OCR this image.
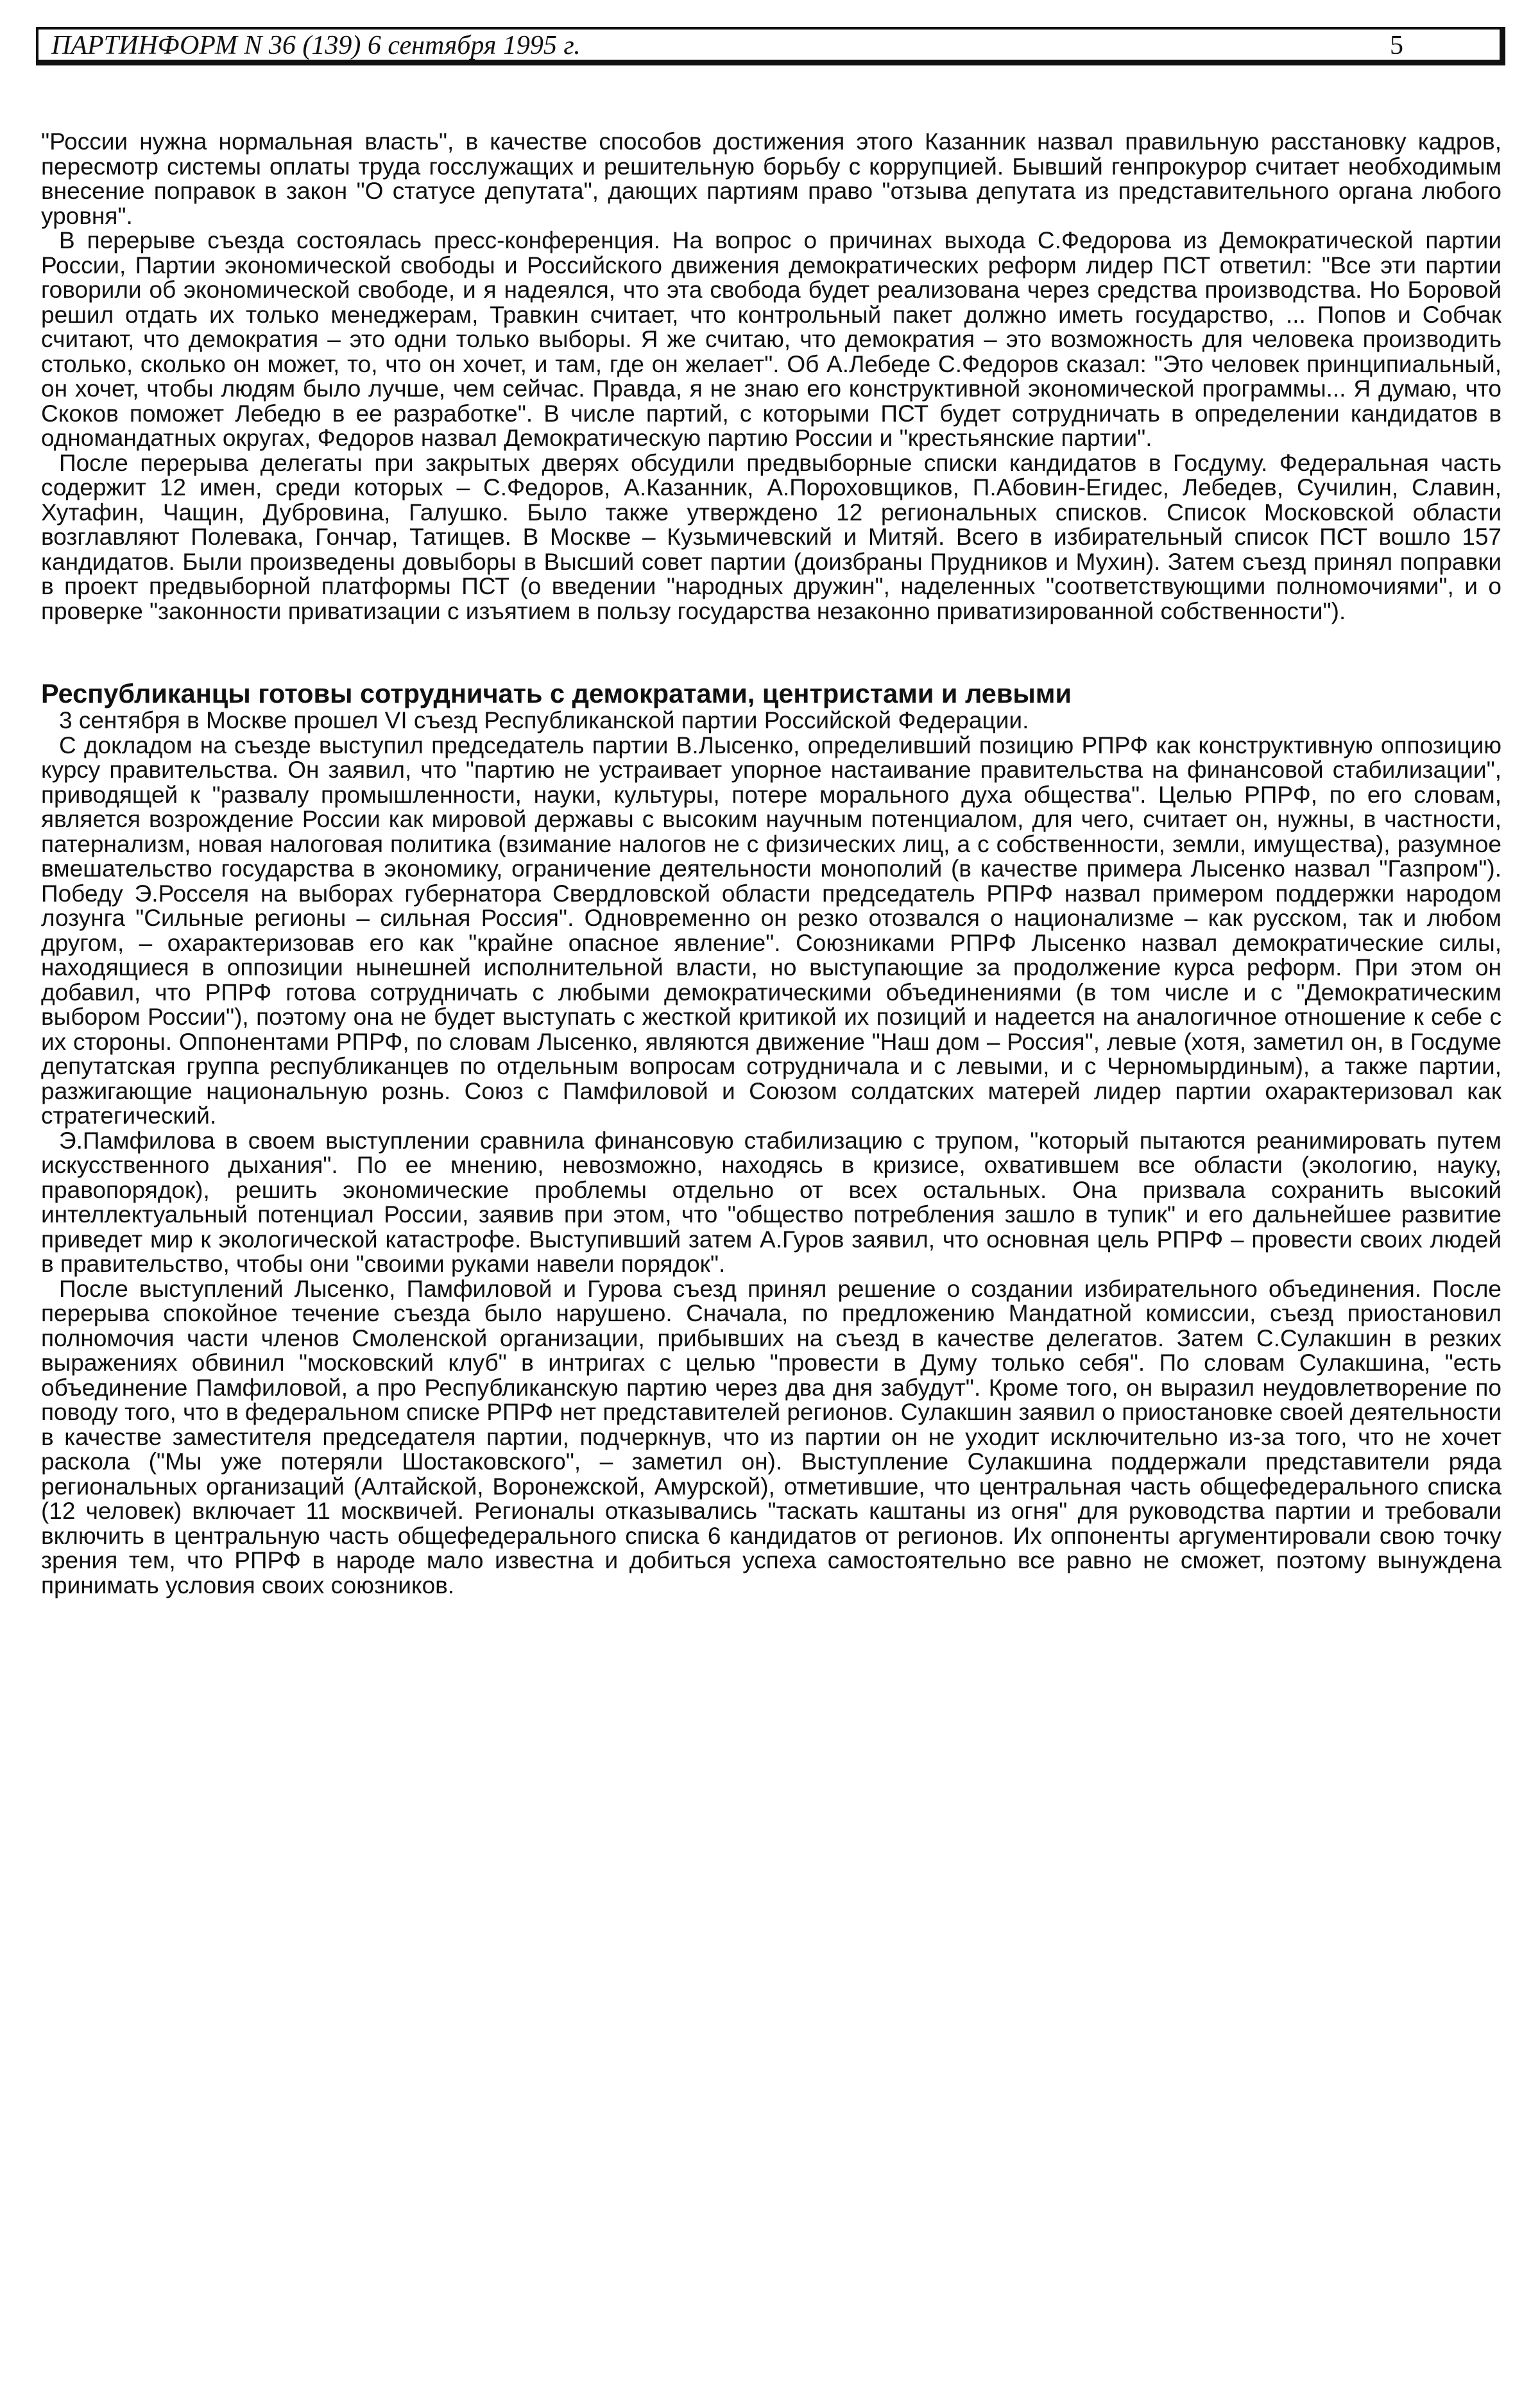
ПАРТИНФОРМ N 36 (139) 6 сентября 1995 г.	5

"России нужна нормальная власть", в качестве способов достижения этого Казанник назвал правильную расстановку кадров, пересмотр системы оплаты труда госслужащих и решительную борьбу с коррупцией. Бывший генпрокурор считает необходимым внесение поправок в закон "О статусе депутата", дающих партиям право "отзыва депутата из представительного органа любого уровня".

В перерыве съезда состоялась пресс-конференция. На вопрос о причинах выхода С.Федорова из Демократической партии России, Партии экономической свободы и Российского движения демократических реформ лидер ПСТ ответил: "Все эти партии говорили об экономической свободе, и я надеялся, что эта свобода будет реализована через средства производства. Но Боровой решил отдать их только менеджерам, Травкин считает, что контрольный пакет должно иметь государство, ... Попов и Собчак считают, что демократия – это одни только выборы. Я же считаю, что демократия – это возможность для человека производить столько, сколько он может, то, что он хочет, и там, где он желает". Об А.Лебеде С.Федоров сказал: "Это человек принципиальный, он хочет, чтобы людям было лучше, чем сейчас. Правда, я не знаю его конструктивной экономической программы... Я думаю, что Скоков поможет Лебедю в ее разработке". В числе партий, с которыми ПСТ будет сотрудничать в определении кандидатов в одномандатных округах, Федоров назвал Демократическую партию России и "крестьянские партии".

После перерыва делегаты при закрытых дверях обсудили предвыборные списки кандидатов в Госдуму. Федеральная часть содержит 12 имен, среди которых – С.Федоров, А.Казанник, А.Пороховщиков, П.Абовин-Егидес, Лебедев, Сучилин, Славин, Хутафин, Чащин, Дубровина, Галушко. Было также утверждено 12 региональных списков. Список Московской области возглавляют Полевака, Гончар, Татищев. В Москве – Кузьмичевский и Митяй. Всего в избирательный список ПСТ вошло 157 кандидатов. Были произведены довыборы в Высший совет партии (доизбраны Прудников и Мухин). Затем съезд принял поправки в проект предвыборной платформы ПСТ (о введении "народных дружин", наделенных "соответствующими полномочиями", и о проверке "законности приватизации с изъятием в пользу государства незаконно приватизированной собственности").

Республиканцы готовы сотрудничать с демократами, центристами и левыми

3 сентября в Москве прошел VI съезд Республиканской партии Российской Федерации.

С докладом на съезде выступил председатель партии В.Лысенко, определивший позицию РПРФ как конструктивную оппозицию курсу правительства. Он заявил, что "партию не устраивает упорное настаивание правительства на финансовой стабилизации", приводящей к "развалу промышленности, науки, культуры, потере морального духа общества". Целью РПРФ, по его словам, является возрождение России как мировой державы с высоким научным потенциалом, для чего, считает он, нужны, в частности, патернализм, новая налоговая политика (взимание налогов не с физических лиц, а с собственности, земли, имущества), разумное вмешательство государства в экономику, ограничение деятельности монополий (в качестве примера Лысенко назвал "Газпром"). Победу Э.Росселя на выборах губернатора Свердловской области председатель РПРФ назвал примером поддержки народом лозунга "Сильные регионы – сильная Россия". Одновременно он резко отозвался о национализме – как русском, так и любом другом, – охарактеризовав его как "крайне опасное явление". Союзниками РПРФ Лысенко назвал демократические силы, находящиеся в оппозиции нынешней исполнительной власти, но выступающие за продолжение курса реформ. При этом он добавил, что РПРФ готова сотрудничать с любыми демократическими объединениями (в том числе и с "Демократическим выбором России"), поэтому она не будет выступать с жесткой критикой их позиций и надеется на аналогичное отношение к себе с их стороны. Оппонентами РПРФ, по словам Лысенко, являются движение "Наш дом – Россия", левые (хотя, заметил он, в Госдуме депутатская группа республиканцев по отдельным вопросам сотрудничала и с левыми, и с Черномырдиным), а также партии, разжигающие национальную рознь. Союз с Памфиловой и Союзом солдатских матерей лидер партии охарактеризовал как стратегический.

Э.Памфилова в своем выступлении сравнила финансовую стабилизацию с трупом, "который пытаются реанимировать путем искусственного дыхания". По ее мнению, невозможно, находясь в кризисе, охватившем все области (экологию, науку, правопорядок), решить экономические проблемы отдельно от всех остальных. Она призвала сохранить высокий интеллектуальный потенциал России, заявив при этом, что "общество потребления зашло в тупик" и его дальнейшее развитие приведет мир к экологической катастрофе. Выступивший затем А.Гуров заявил, что основная цель РПРФ – провести своих людей в правительство, чтобы они "своими руками навели порядок".

После выступлений Лысенко, Памфиловой и Гурова съезд принял решение о создании избирательного объединения. После перерыва спокойное течение съезда было нарушено. Сначала, по предложению Мандатной комиссии, съезд приостановил полномочия части членов Смоленской организации, прибывших на съезд в качестве делегатов. Затем С.Сулакшин в резких выражениях обвинил "московский клуб" в интригах с целью "провести в Думу только себя". По словам Сулакшина, "есть объединение Памфиловой, а про Республиканскую партию через два дня забудут". Кроме того, он выразил неудовлетворение по поводу того, что в федеральном списке РПРФ нет представителей регионов. Сулакшин заявил о приостановке своей деятельности в качестве заместителя председателя партии, подчеркнув, что из партии он не уходит исключительно из-за того, что не хочет раскола ("Мы уже потеряли Шостаковского", – заметил он). Выступление Сулакшина поддержали представители ряда региональных организаций (Алтайской, Воронежской, Амурской), отметившие, что центральная часть общефедерального списка (12 человек) включает 11 москвичей. Регионалы отказывались "таскать каштаны из огня" для руководства партии и требовали включить в центральную часть общефедерального списка 6 кандидатов от регионов. Их оппоненты аргументировали свою точку зрения тем, что РПРФ в народе мало известна и добиться успеха самостоятельно все равно не сможет, поэтому вынуждена принимать условия своих союзников.
